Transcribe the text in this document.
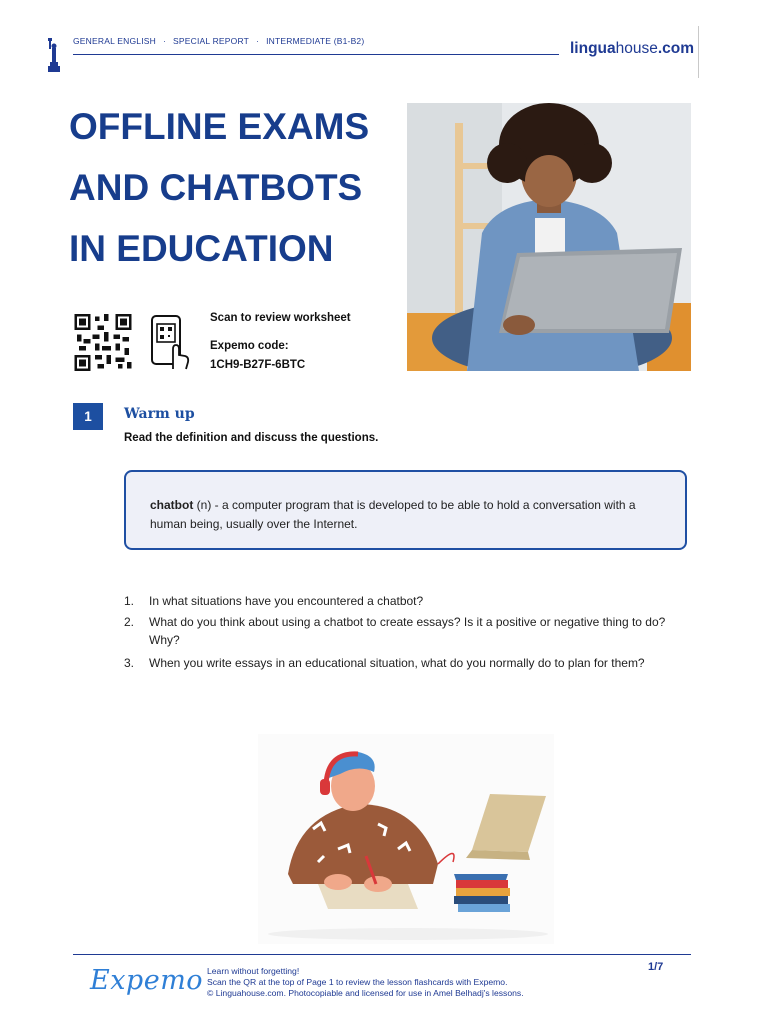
GENERAL ENGLISH · SPECIAL REPORT · INTERMEDIATE (B1-B2)	linguahouse.com
OFFLINE EXAMS
AND CHATBOTS
IN EDUCATION
Scan to review worksheet
Expemo code:
1CH9-B27F-6BTC
1	Warm up
Read the definition and discuss the questions.
chatbot (n) - a computer program that is developed to be able to hold a conversation with a human being, usually over the Internet.
1. In what situations have you encountered a chatbot?
2. What do you think about using a chatbot to create essays? Is it a positive or negative thing to do? Why?
3. When you write essays in an educational situation, what do you normally do to plan for them?
Expemo Learn without forgetting!
Scan the QR at the top of Page 1 to review the lesson flashcards with Expemo.
© Linguahouse.com. Photocopiable and licensed for use in Amel Belhadj's lessons.
1/7
